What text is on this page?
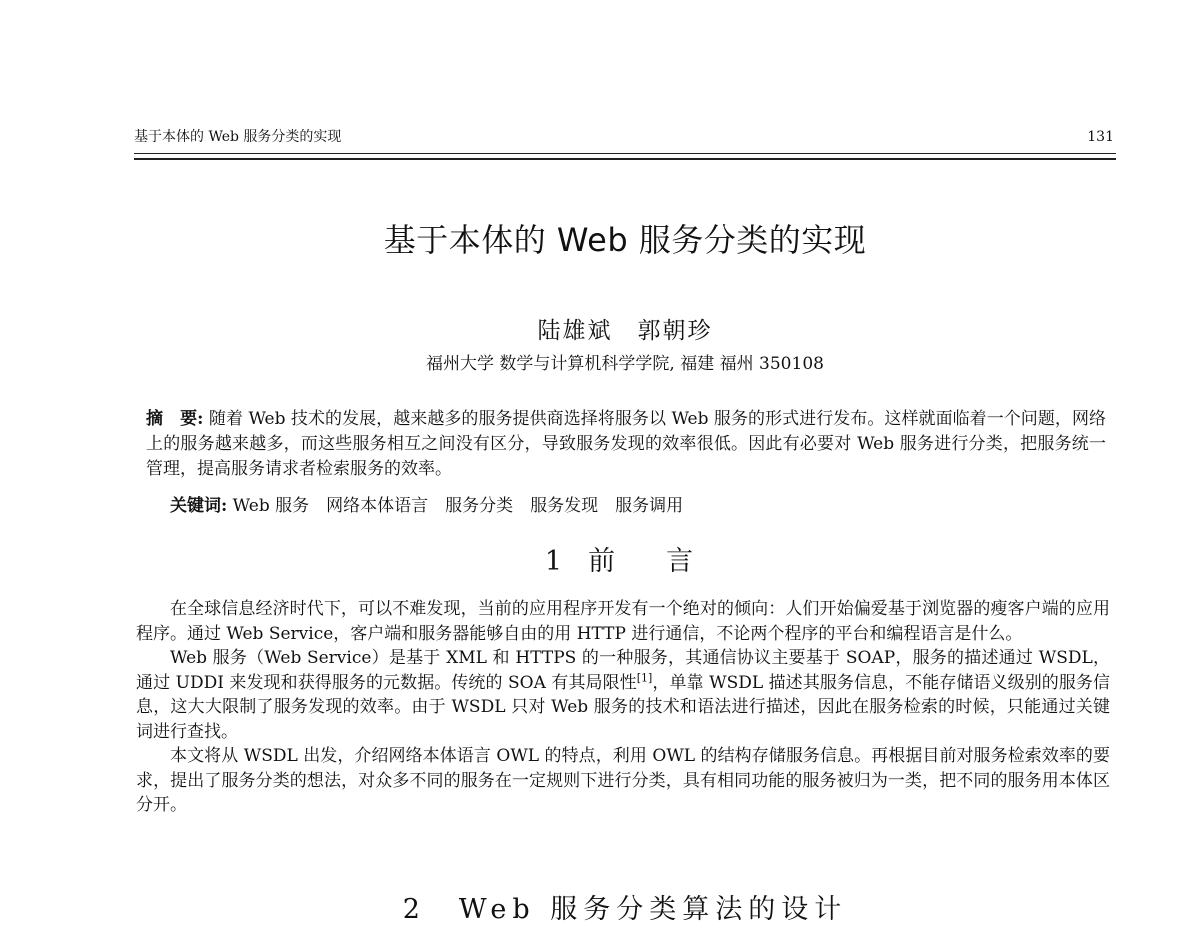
基于本体的 Web 服务分类的实现	131
基于本体的 Web 服务分类的实现
陆雄斌　郭朝珍
福州大学 数学与计算机科学学院, 福建 福州 350108

摘　要: 随着 Web 技术的发展，越来越多的服务提供商选择将服务以 Web 服务的形式进行发布。这样就面临着一个问题，网络上的服务越来越多，而这些服务相互之间没有区分，导致服务发现的效率很低。因此有必要对 Web 服务进行分类，把服务统一管理，提高服务请求者检索服务的效率。

关键词: Web 服务　网络本体语言　服务分类　服务发现　服务调用
1 前　言

在全球信息经济时代下，可以不难发现，当前的应用程序开发有一个绝对的倾向：人们开始偏爱基于浏览器的瘦客户端的应用程序。通过 Web Service，客户端和服务器能够自由的用 HTTP 进行通信，不论两个程序的平台和编程语言是什么。

Web 服务（Web Service）是基于 XML 和 HTTPS 的一种服务，其通信协议主要基于 SOAP，服务的描述通过 WSDL，通过 UDDI 来发现和获得服务的元数据。传统的 SOA 有其局限性[1]，单靠 WSDL 描述其服务信息，不能存储语义级别的服务信息，这大大限制了服务发现的效率。由于 WSDL 只对 Web 服务的技术和语法进行描述，因此在服务检索的时候，只能通过关键词进行查找。

本文将从 WSDL 出发，介绍网络本体语言 OWL 的特点，利用 OWL 的结构存储服务信息。再根据目前对服务检索效率的要求，提出了服务分类的想法，对众多不同的服务在一定规则下进行分类，具有相同功能的服务被归为一类，把不同的服务用本体区分开。

2　Web 服务分类算法的设计
